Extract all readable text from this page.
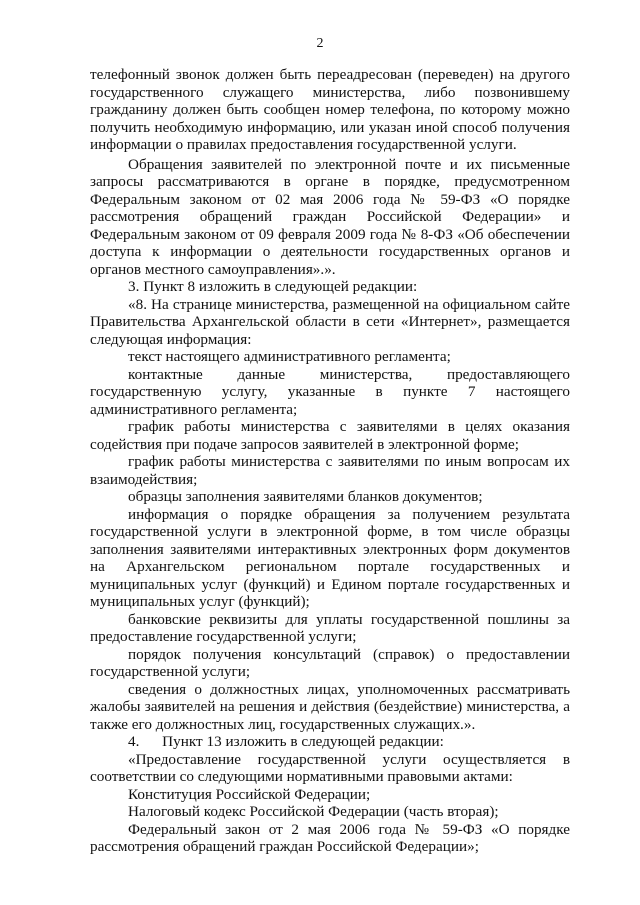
2

телефонный звонок должен быть переадресован (переведен) на другого государственного служащего министерства, либо позвонившему гражданину должен быть сообщен номер телефона, по которому можно получить необходимую информацию, или указан иной способ получения информации о правилах предоставления государственной услуги.

Обращения заявителей по электронной почте и их письменные запросы рассматриваются в органе в порядке, предусмотренном Федеральным законом от 02 мая 2006 года № 59-ФЗ «О порядке рассмотрения обращений граждан Российской Федерации» и Федеральным законом от 09 февраля 2009 года № 8-ФЗ «Об обеспечении доступа к информации о деятельности государственных органов и органов местного самоуправления».».

3. Пункт 8 изложить в следующей редакции:

«8. На странице министерства, размещенной на официальном сайте Правительства Архангельской области в сети «Интернет», размещается следующая информация:

текст настоящего административного регламента;

контактные данные министерства, предоставляющего государственную услугу, указанные в пункте 7 настоящего административного регламента;

график работы министерства с заявителями в целях оказания содействия при подаче запросов заявителей в электронной форме;

график работы министерства с заявителями по иным вопросам их взаимодействия;

образцы заполнения заявителями бланков документов;

информация о порядке обращения за получением результата государственной услуги в электронной форме, в том числе образцы заполнения заявителями интерактивных электронных форм документов на Архангельском региональном портале государственных и муниципальных услуг (функций) и Едином портале государственных и муниципальных услуг (функций);

банковские реквизиты для уплаты государственной пошлины за предоставление государственной услуги;

порядок получения консультаций (справок) о предоставлении государственной услуги;

сведения о должностных лицах, уполномоченных рассматривать жалобы заявителей на решения и действия (бездействие) министерства, а также его должностных лиц, государственных служащих.».

4.      Пункт 13 изложить в следующей редакции:

«Предоставление государственной услуги осуществляется в соответствии со следующими нормативными правовыми актами:

Конституция Российской Федерации;

Налоговый кодекс Российской Федерации (часть вторая);

Федеральный закон от 2 мая 2006 года № 59-ФЗ «О порядке рассмотрения обращений граждан Российской Федерации»;
